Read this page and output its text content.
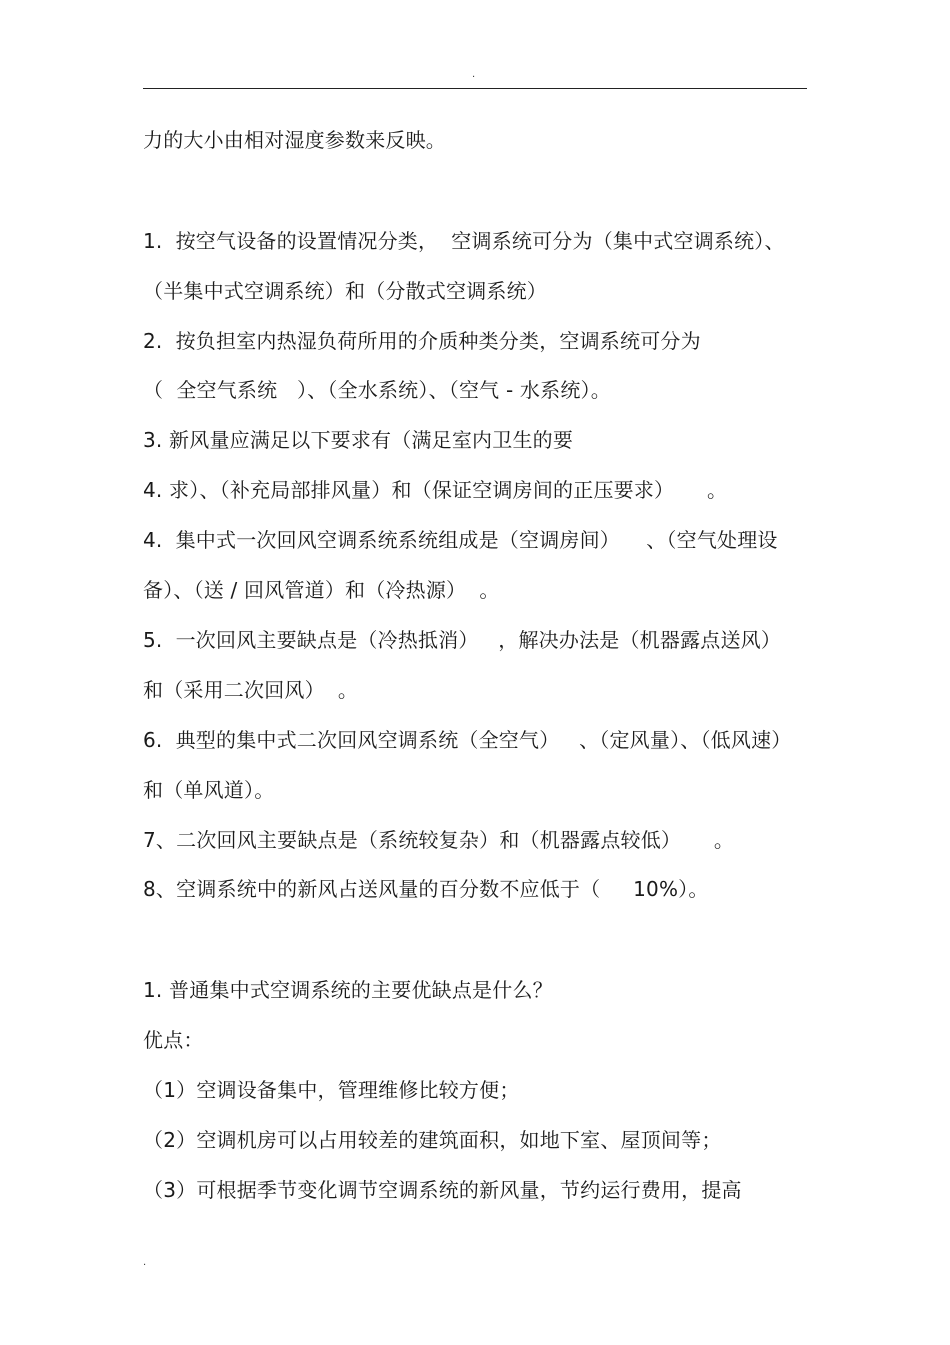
.
力的大小由相对湿度参数来反映。
1.  按空气设备的设置情况分类，  空调系统可分为（集中式空调系统）、
（半集中式空调系统）和（分散式空调系统）
2.  按负担室内热湿负荷所用的介质种类分类，空调系统可分为
（  全空气系统   ）、（全水系统）、（空气 - 水系统）。
3. 新风量应满足以下要求有（满足室内卫生的要
4. 求）、（补充局部排风量）和（保证空调房间的正压要求）     。
4.  集中式一次回风空调系统系统组成是（空调房间）    、（空气处理设
备）、（送 / 回风管道）和（冷热源）  。
5.  一次回风主要缺点是（冷热抵消）   ，解决办法是（机器露点送风）
和（采用二次回风）  。
6.  典型的集中式二次回风空调系统（全空气）   、（定风量）、（低风速）
和（单风道）。
7、二次回风主要缺点是（系统较复杂）和（机器露点较低）     。
8、空调系统中的新风占送风量的百分数不应低于（     10%）。
1. 普通集中式空调系统的主要优缺点是什么？
优点：
（1）空调设备集中，管理维修比较方便；
（2）空调机房可以占用较差的建筑面积，如地下室、屋顶间等；
（3）可根据季节变化调节空调系统的新风量，节约运行费用，提高
.
